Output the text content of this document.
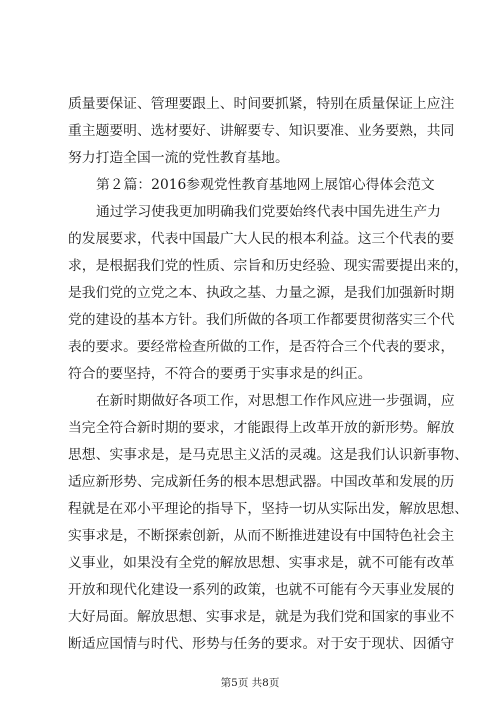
质量要保证、管理要跟上、时间要抓紧，特别在质量保证上应注
重主题要明、选材要好、讲解要专、知识要准、业务要熟，共同
努力打造全国一流的党性教育基地。
第２篇：2016参观党性教育基地网上展馆心得体会范文
通过学习使我更加明确我们党要始终代表中国先进生产力
的发展要求，代表中国最广大人民的根本利益。这三个代表的要
求，是根据我们党的性质、宗旨和历史经验、现实需要提出来的，
是我们党的立党之本、执政之基、力量之源，是我们加强新时期
党的建设的基本方针。我们所做的各项工作都要贯彻落实三个代
表的要求。要经常检查所做的工作，是否符合三个代表的要求，
符合的要坚持，不符合的要勇于实事求是的纠正。
在新时期做好各项工作，对思想工作作风应进一步强调，应
当完全符合新时期的要求，才能跟得上改革开放的新形势。解放
思想、实事求是，是马克思主义活的灵魂。这是我们认识新事物、
适应新形势、完成新任务的根本思想武器。中国改革和发展的历
程就是在邓小平理论的指导下，坚持一切从实际出发，解放思想、
实事求是，不断探索创新，从而不断推进建设有中国特色社会主
义事业，如果没有全党的解放思想、实事求是，就不可能有改革
开放和现代化建设一系列的政策，也就不可能有今天事业发展的
大好局面。解放思想、实事求是，就是为我们党和国家的事业不
断适应国情与时代、形势与任务的要求。对于安于现状、因循守
第5页 共8页
